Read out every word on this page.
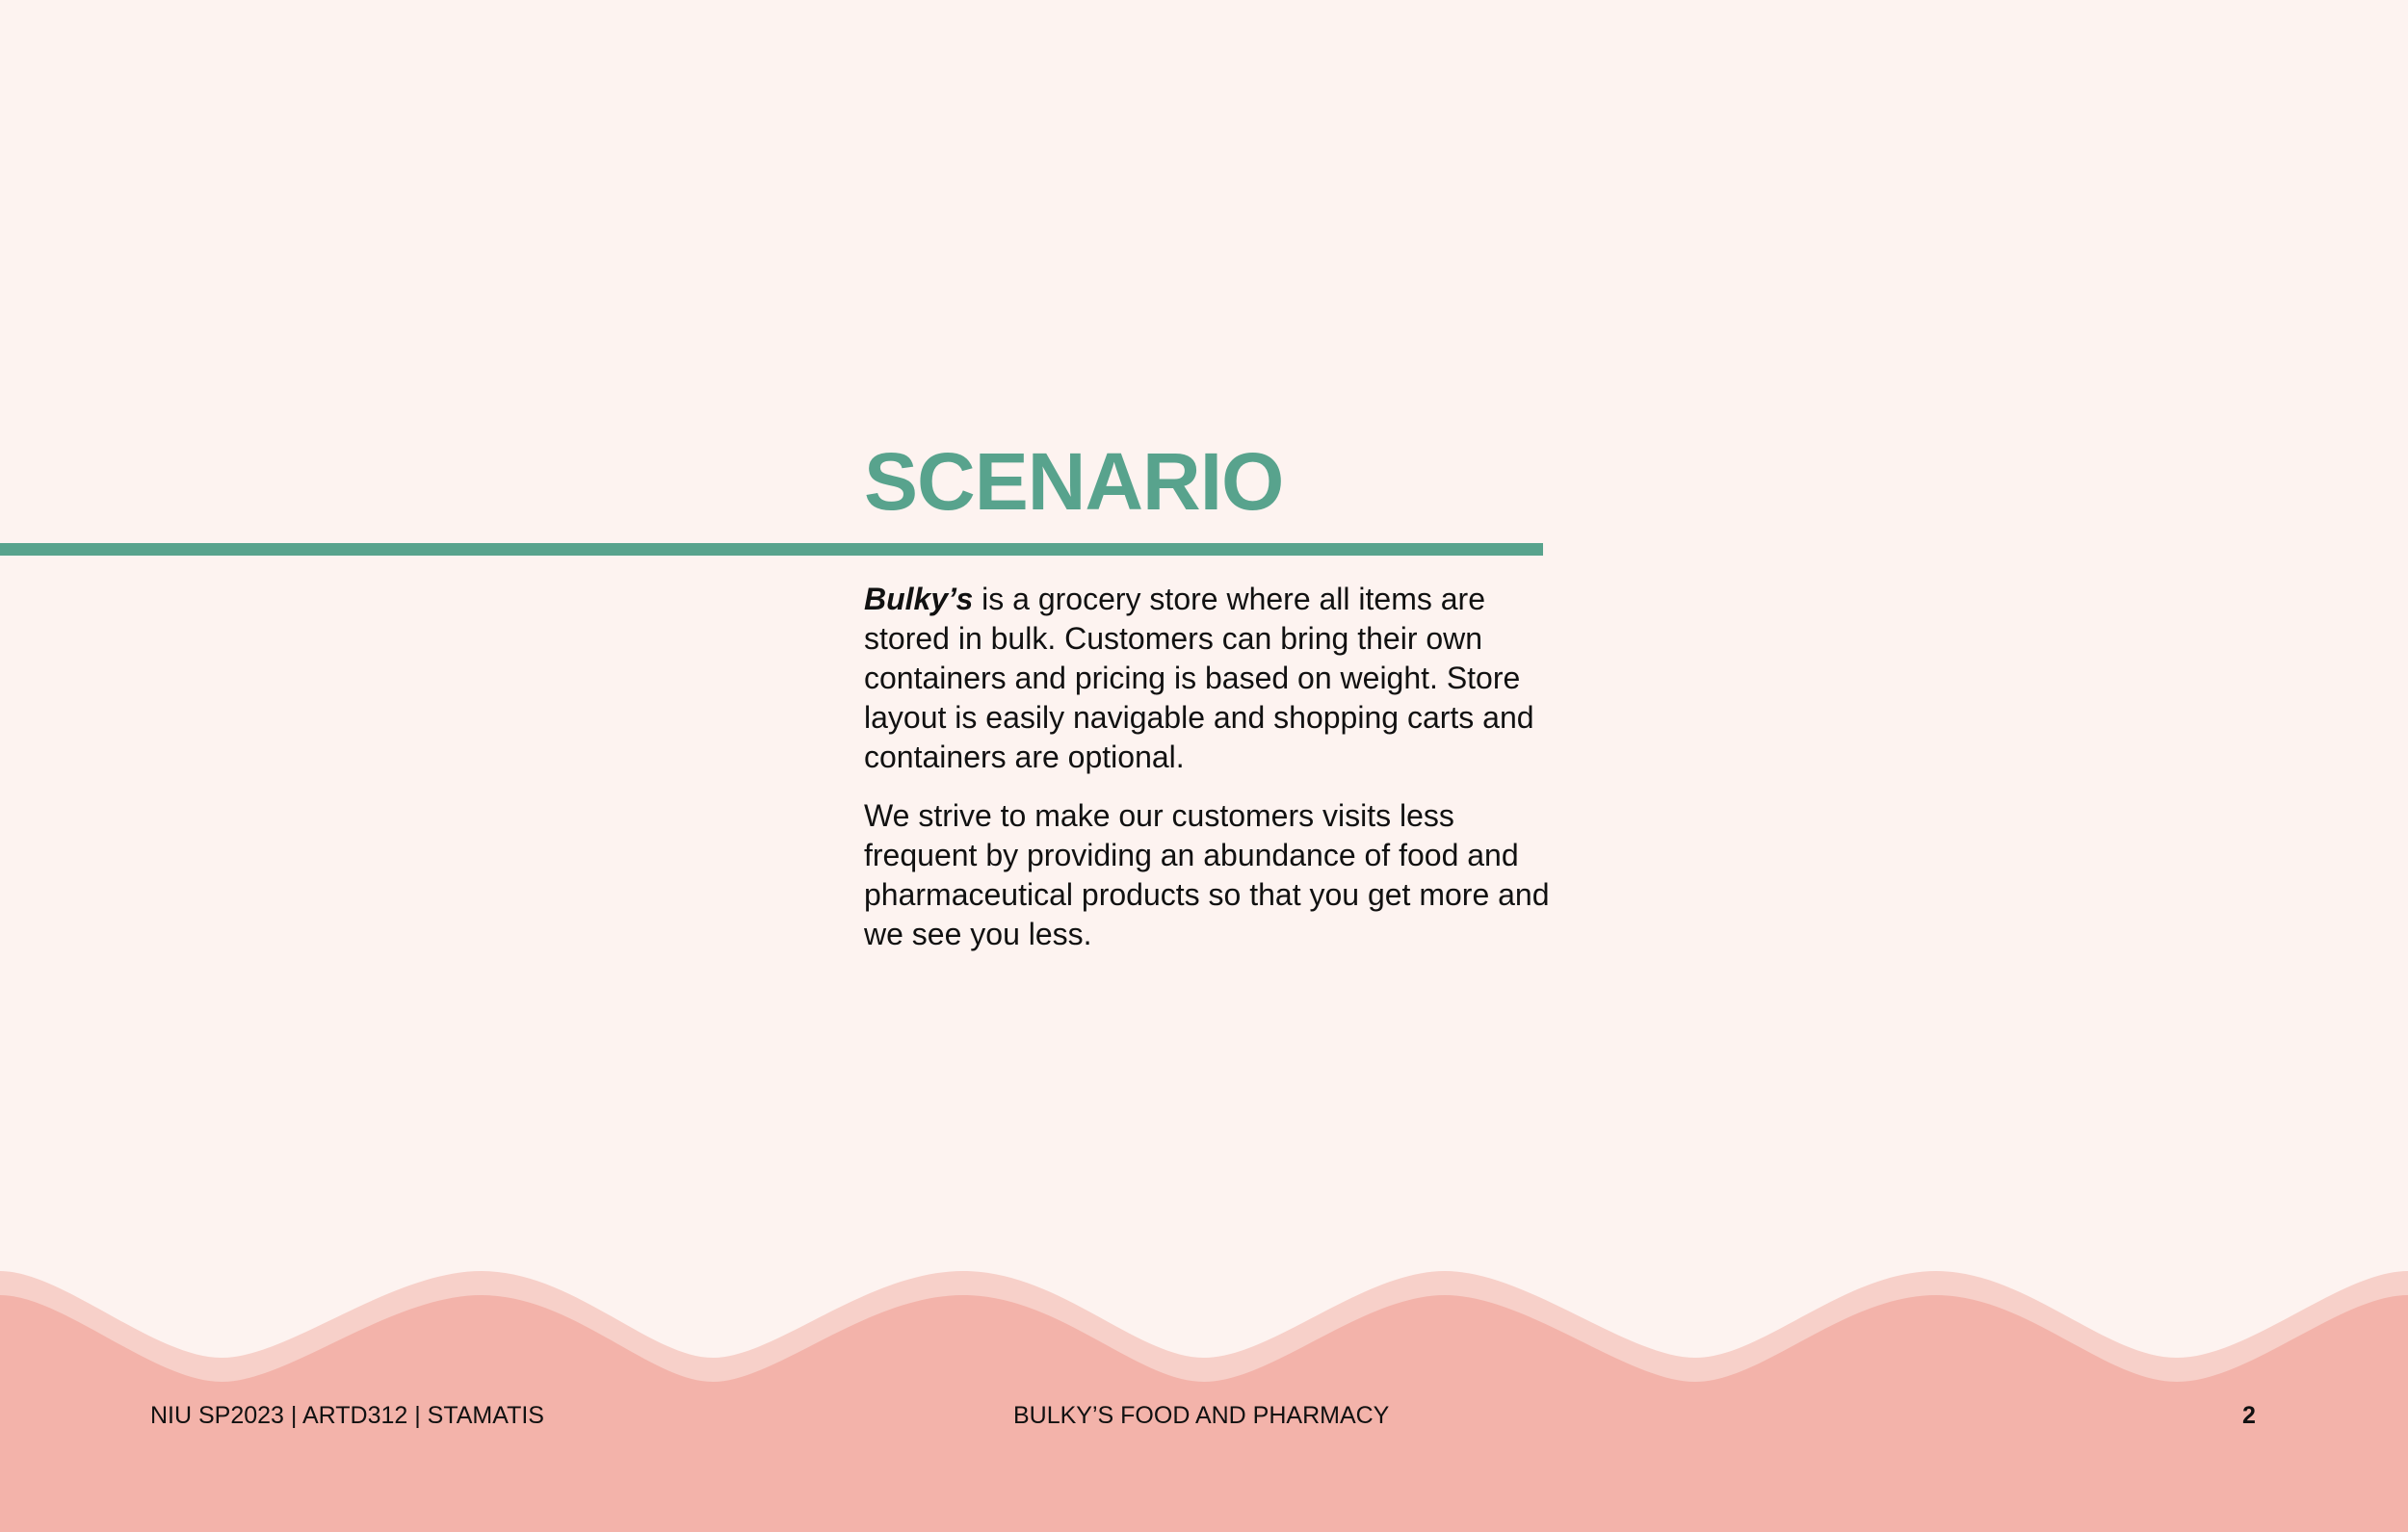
SCENARIO

Bulky’s is a grocery store where all items are stored in bulk. Customers can bring their own containers and pricing is based on weight. Store layout is easily navigable and shopping carts and containers are optional.

We strive to make our customers visits less frequent by providing an abundance of food and pharmaceutical products so that you get more and we see you less.

NIU SP2023 | ARTD312 | STAMATIS	BULKY’S FOOD AND PHARMACY	2
